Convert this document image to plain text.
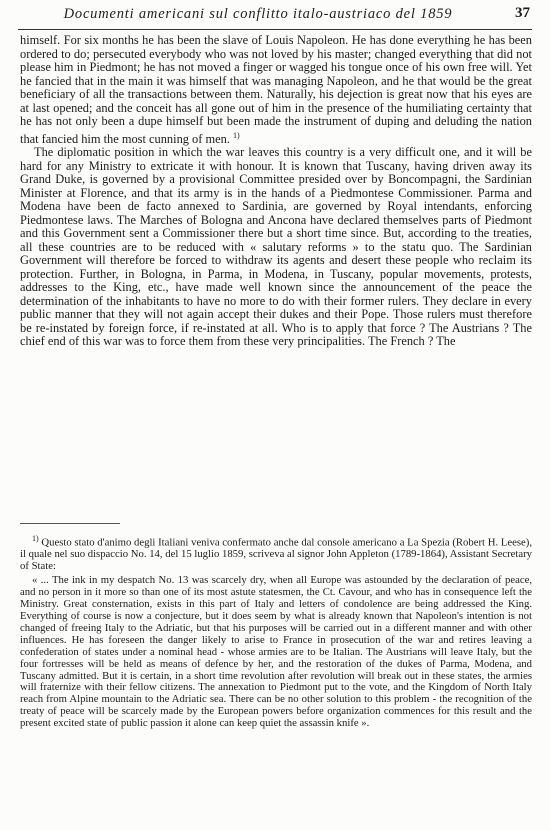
Documenti americani sul conflitto italo-austriaco del 1859	37

himself. For six months he has been the slave of Louis Napoleon. He has done everything he has been ordered to do; persecuted everybody who was not loved by his master; changed everything that did not please him in Piedmont; he has not moved a finger or wagged his tongue once of his own free will. Yet he fancied that in the main it was himself that was managing Napoleon, and he that would be the great beneficiary of all the transactions between them. Naturally, his dejection is great now that his eyes are at last opened; and the conceit has all gone out of him in the presence of the humiliating certainty that he has not only been a dupe himself but been made the instrument of duping and deluding the nation that fancied him the most cunning of men. $^{1)}$

The diplomatic position in which the war leaves this country is a very difficult one, and it will be hard for any Ministry to extricate it with honour. It is known that Tuscany, having driven away its Grand Duke, is governed by a provisional Committee presided over by Boncompagni, the Sardinian Minister at Florence, and that its army is in the hands of a Piedmontese Commissioner. Parma and Modena have been de facto annexed to Sardinia, are governed by Royal intendants, enforcing Piedmontese laws. The Marches of Bologna and Ancona have declared themselves parts of Piedmont and this Government sent a Commissioner there but a short time since. But, according to the treaties, all these countries are to be reduced with « salutary reforms » to the statu quo. The Sardinian Government will therefore be forced to withdraw its agents and desert these people who reclaim its protection. Further, in Bologna, in Parma, in Modena, in Tuscany, popular movements, protests, addresses to the King, etc., have made well known since the announcement of the peace the determination of the inhabitants to have no more to do with their former rulers. They declare in every public manner that they will not again accept their dukes and their Pope. Those rulers must therefore be re-instated by foreign force, if re-instated at all. Who is to apply that force ? The Austrians ? The chief end of this war was to force them from these very principalities. The French ? The

$^{1)}$ Questo stato d'animo degli Italiani veniva confermato anche dal console americano a La Spezia (Robert H. Leese), il quale nel suo dispaccio No. 14, del 15 luglio 1859, scriveva al signor John Appleton (1789-1864), Assistant Secretary of State:

« ... The ink in my despatch No. 13 was scarcely dry, when all Europe was astounded by the declaration of peace, and no person in it more so than one of its most astute statesmen, the Ct. Cavour, and who has in consequence left the Ministry. Great consternation, exists in this part of Italy and letters of condolence are being addressed the King. Everything of course is now a conjecture, but it does seem by what is already known that Napoleon's intention is not changed of freeing Italy to the Adriatic, but that his purposes will be carried out in a different manner and with other influences. He has foreseen the danger likely to arise to France in prosecution of the war and retires leaving a confederation of states under a nominal head - whose armies are to be Italian. The Austrians will leave Italy, but the four fortresses will be held as means of defence by her, and the restoration of the dukes of Parma, Modena, and Tuscany admitted. But it is certain, in a short time revolution after revolution will break out in these states, the armies will fraternize with their fellow citizens. The annexation to Piedmont put to the vote, and the Kingdom of North Italy reach from Alpine mountain to the Adriatic sea. There can be no other solution to this problem - the recognition of the treaty of peace will be scarcely made by the European powers before organization commences for this result and the present excited state of public passion it alone can keep quiet the assassin knife ».
